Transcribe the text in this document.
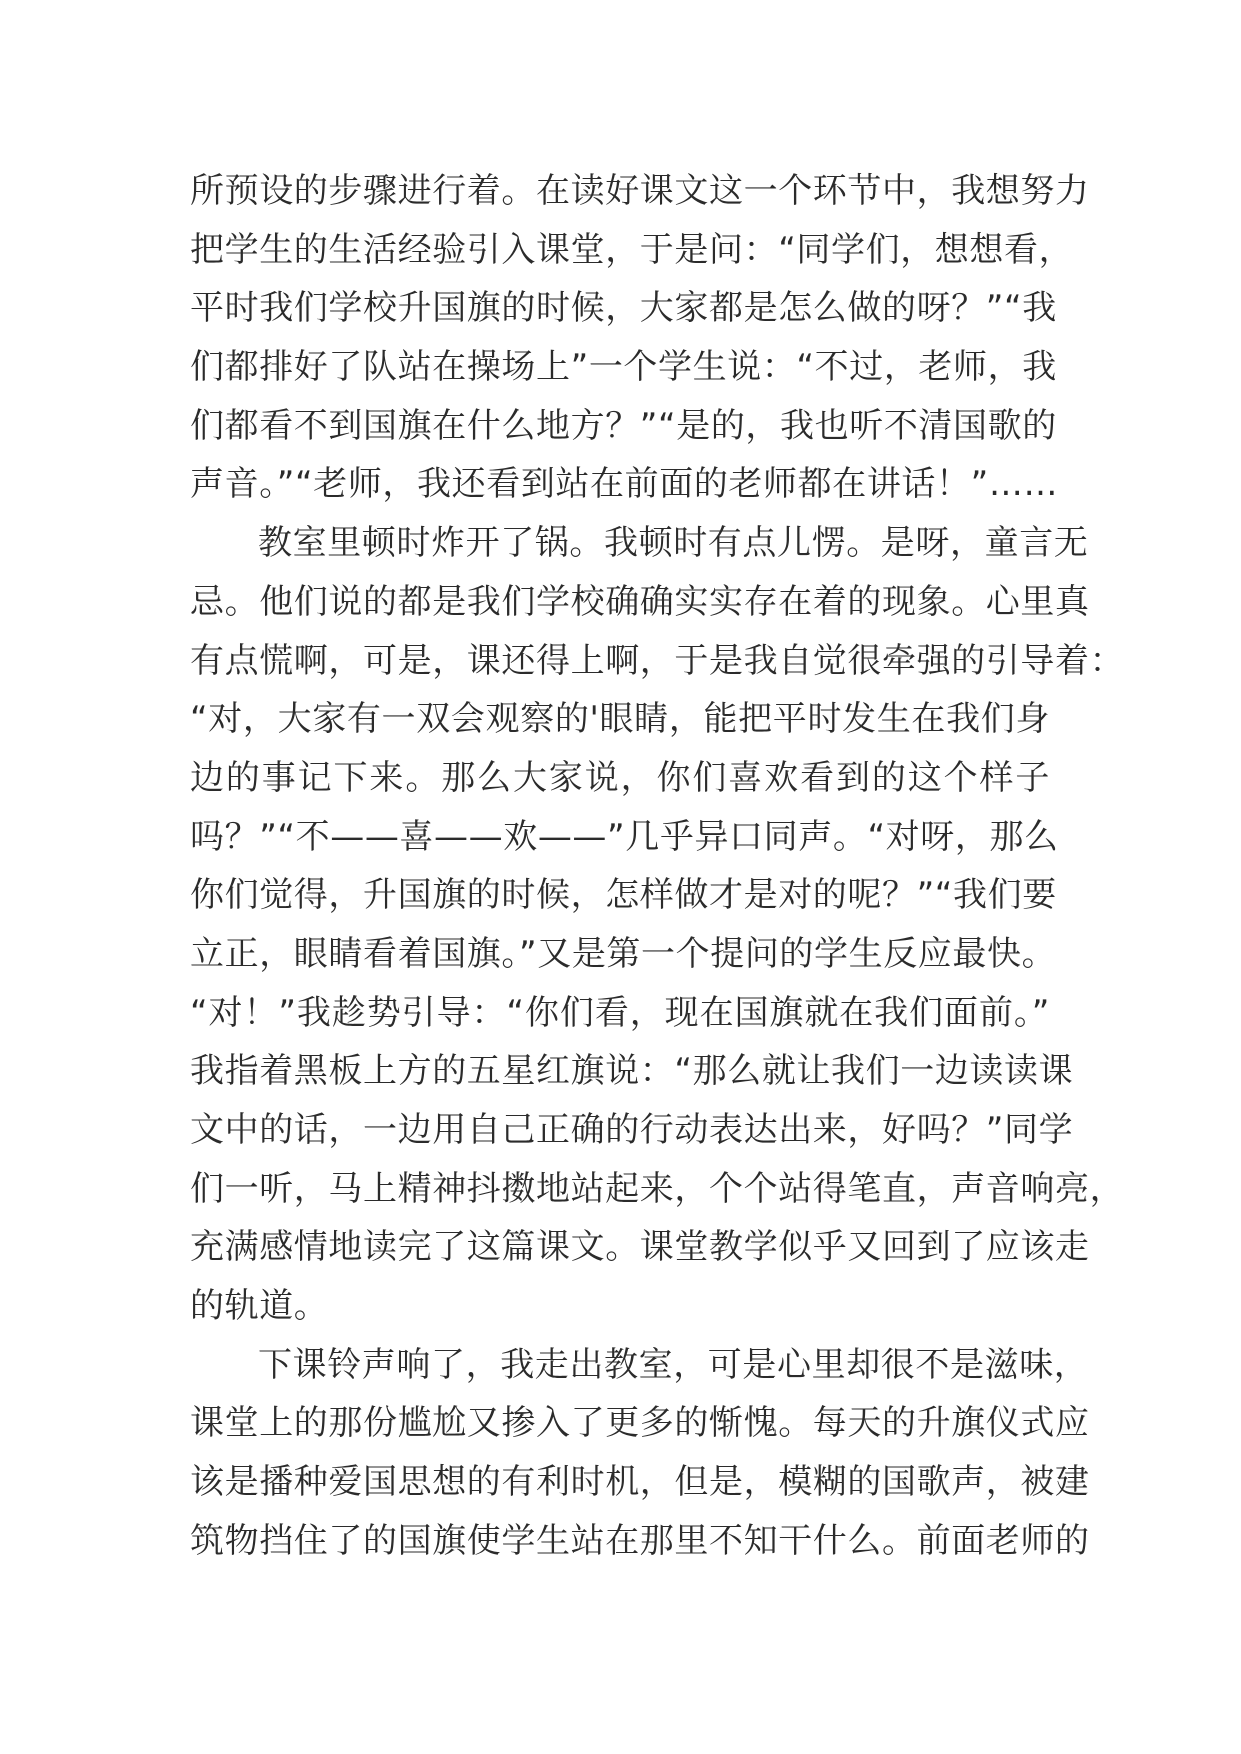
所预设的步骤进行着。在读好课文这一个环节中，我想努力
把学生的生活经验引入课堂，于是问：“同学们，想想看，
平时我们学校升国旗的时候，大家都是怎么做的呀？”“我
们都排好了队站在操场上”一个学生说：“不过，老师，我
们都看不到国旗在什么地方？”“是的，我也听不清国歌的
声音。”“老师，我还看到站在前面的老师都在讲话！”……
教室里顿时炸开了锅。我顿时有点儿愣。是呀，童言无
忌。他们说的都是我们学校确确实实存在着的现象。心里真
有点慌啊，可是，课还得上啊，于是我自觉很牵强的引导着：
“对，大家有一双会观察的'眼睛，能把平时发生在我们身
边的事记下来。那么大家说，你们喜欢看到的这个样子
吗？”“不——喜——欢——”几乎异口同声。“对呀，那么
你们觉得，升国旗的时候，怎样做才是对的呢？”“我们要
立正，眼睛看着国旗。”又是第一个提问的学生反应最快。
“对！”我趁势引导：“你们看，现在国旗就在我们面前。”
我指着黑板上方的五星红旗说：“那么就让我们一边读读课
文中的话，一边用自己正确的行动表达出来，好吗？”同学
们一听，马上精神抖擞地站起来，个个站得笔直，声音响亮，
充满感情地读完了这篇课文。课堂教学似乎又回到了应该走
的轨道。
下课铃声响了，我走出教室，可是心里却很不是滋味，
课堂上的那份尴尬又掺入了更多的惭愧。每天的升旗仪式应
该是播种爱国思想的有利时机，但是，模糊的国歌声，被建
筑物挡住了的国旗使学生站在那里不知干什么。前面老师的
